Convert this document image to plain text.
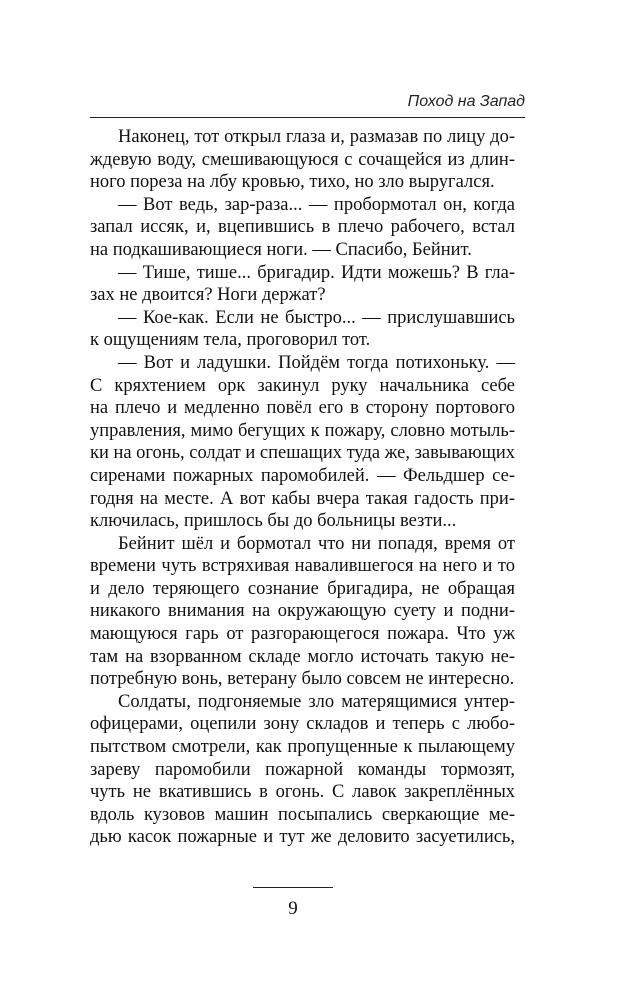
Поход на Запад
Наконец, тот открыл глаза и, размазав по лицу до-
ждевую воду, смешивающуюся с сочащейся из длин-
ного пореза на лбу кровью, тихо, но зло выругался.
— Вот ведь, зар-раза... — пробормотал он, когда
запал иссяк, и, вцепившись в плечо рабочего, встал
на подкашивающиеся ноги. — Спасибо, Бейнит.
— Тише, тише... бригадир. Идти можешь? В гла-
зах не двоится? Ноги держат?
— Кое-как. Если не быстро... — прислушавшись
к ощущениям тела, проговорил тот.
— Вот и ладушки. Пойдём тогда потихоньку. —
С кряхтением орк закинул руку начальника себе
на плечо и медленно повёл его в сторону портового
управления, мимо бегущих к пожару, словно мотыль-
ки на огонь, солдат и спешащих туда же, завывающих
сиренами пожарных паромобилей. — Фельдшер се-
годня на месте. А вот кабы вчера такая гадость при-
ключилась, пришлось бы до больницы везти...
Бейнит шёл и бормотал что ни попадя, время от
времени чуть встряхивая навалившегося на него и то
и дело теряющего сознание бригадира, не обращая
никакого внимания на окружающую суету и подни-
мающуюся гарь от разгорающегося пожара. Что уж
там на взорванном складе могло источать такую не-
потребную вонь, ветерану было совсем не интересно.
Солдаты, подгоняемые зло матерящимися унтер-
офицерами, оцепили зону складов и теперь с любо-
пытством смотрели, как пропущенные к пылающему
зареву паромобили пожарной команды тормозят,
чуть не вкатившись в огонь. С лавок закреплённых
вдоль кузовов машин посыпались сверкающие ме-
дью касок пожарные и тут же деловито засуетились,
9
